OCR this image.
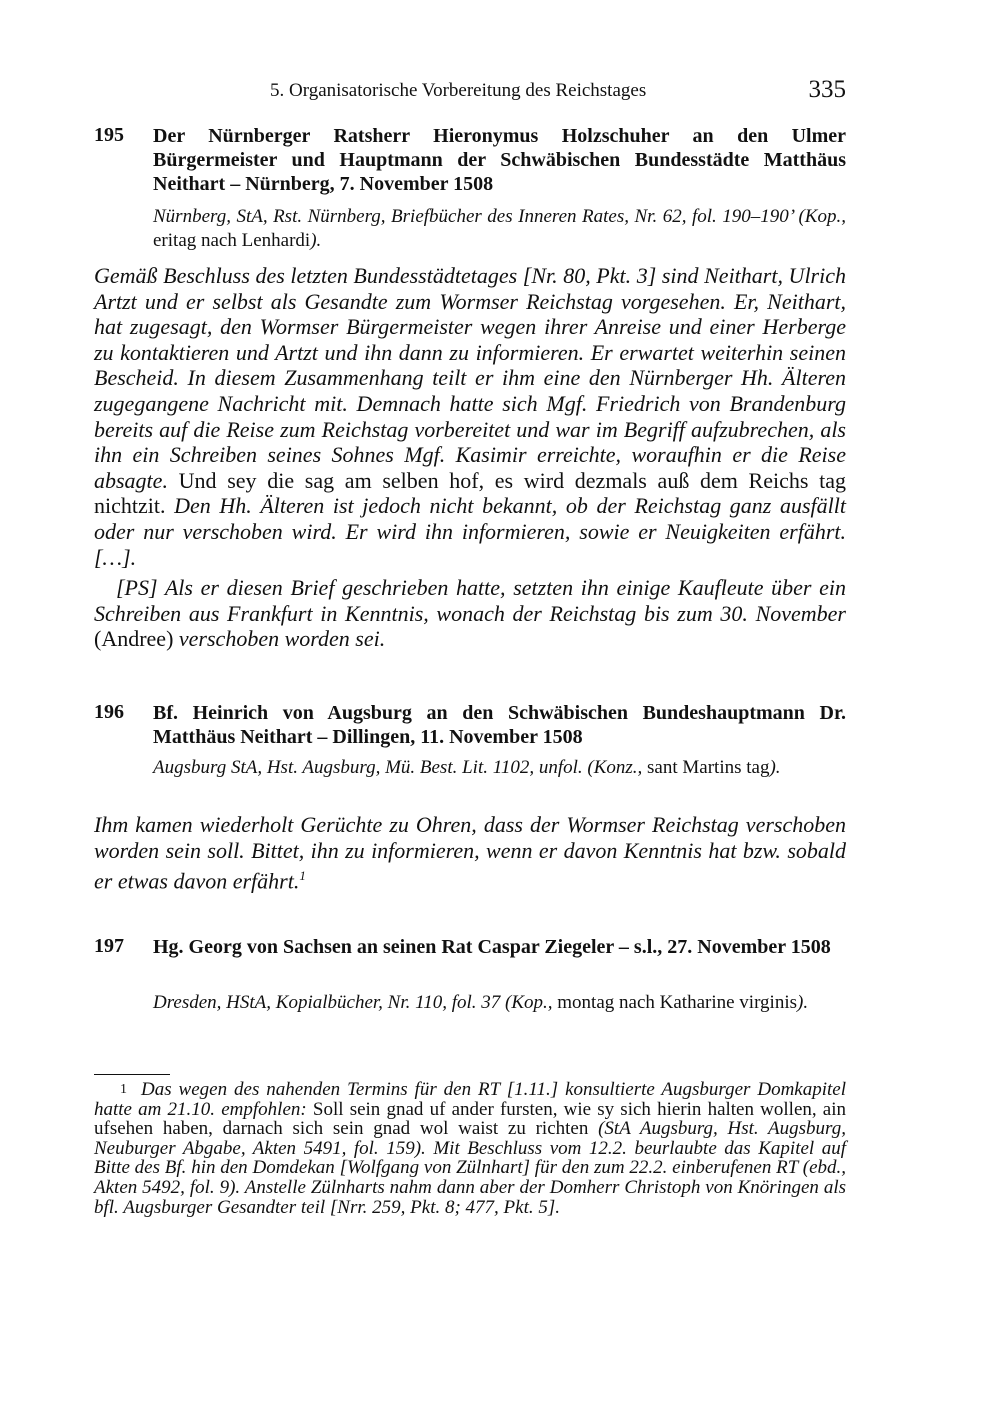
5. Organisatorische Vorbereitung des Reichstages	335
195 Der Nürnberger Ratsherr Hieronymus Holzschuher an den Ulmer Bürgermeister und Hauptmann der Schwäbischen Bundesstädte Matthäus Neithart – Nürnberg, 7. November 1508
Nürnberg, StA, Rst. Nürnberg, Briefbücher des Inneren Rates, Nr. 62, fol. 190–190’ (Kop., eritag nach Lenhardi).
Gemäß Beschluss des letzten Bundesstädtetages [Nr. 80, Pkt. 3] sind Neithart, Ulrich Artzt und er selbst als Gesandte zum Wormser Reichstag vorgesehen. Er, Neithart, hat zugesagt, den Wormser Bürgermeister wegen ihrer Anreise und einer Herberge zu kontaktieren und Artzt und ihn dann zu informieren. Er erwartet weiterhin seinen Bescheid. In diesem Zusammenhang teilt er ihm eine den Nürnberger Hh. Älteren zugegangene Nachricht mit. Demnach hatte sich Mgf. Friedrich von Brandenburg bereits auf die Reise zum Reichstag vorbereitet und war im Begriff aufzubrechen, als ihn ein Schreiben seines Sohnes Mgf. Kasimir erreichte, woraufhin er die Reise absagte. Und sey die sag am selben hof, es wird dezmals auß dem Reichs tag nichtzit. Den Hh. Älteren ist jedoch nicht bekannt, ob der Reichstag ganz ausfällt oder nur verschoben wird. Er wird ihn informieren, sowie er Neuigkeiten erfährt. […].
[PS] Als er diesen Brief geschrieben hatte, setzten ihn einige Kaufleute über ein Schreiben aus Frankfurt in Kenntnis, wonach der Reichstag bis zum 30. November (Andree) verschoben worden sei.
196 Bf. Heinrich von Augsburg an den Schwäbischen Bundeshauptmann Dr. Matthäus Neithart – Dillingen, 11. November 1508
Augsburg StA, Hst. Augsburg, Mü. Best. Lit. 1102, unfol. (Konz., sant Martins tag).
Ihm kamen wiederholt Gerüchte zu Ohren, dass der Wormser Reichstag verschoben worden sein soll. Bittet, ihn zu informieren, wenn er davon Kenntnis hat bzw. sobald er etwas davon erfährt.$^1$
197 Hg. Georg von Sachsen an seinen Rat Caspar Ziegeler – s.l., 27. November 1508
Dresden, HStA, Kopialbücher, Nr. 110, fol. 37 (Kop., montag nach Katharine virginis).
1 Das wegen des nahenden Termins für den RT [1.11.] konsultierte Augsburger Domkapitel hatte am 21.10. empfohlen: Soll sein gnad uf ander fursten, wie sy sich hierin halten wollen, ain ufsehen haben, darnach sich sein gnad wol waist zu richten (StA Augsburg, Hst. Augsburg, Neuburger Abgabe, Akten 5491, fol. 159). Mit Beschluss vom 12.2. beurlaubte das Kapitel auf Bitte des Bf. hin den Domdekan [Wolfgang von Zülnhart] für den zum 22.2. einberufenen RT (ebd., Akten 5492, fol. 9). Anstelle Zülnharts nahm dann aber der Domherr Christoph von Knöringen als bfl. Augsburger Gesandter teil [Nrr. 259, Pkt. 8; 477, Pkt. 5].
